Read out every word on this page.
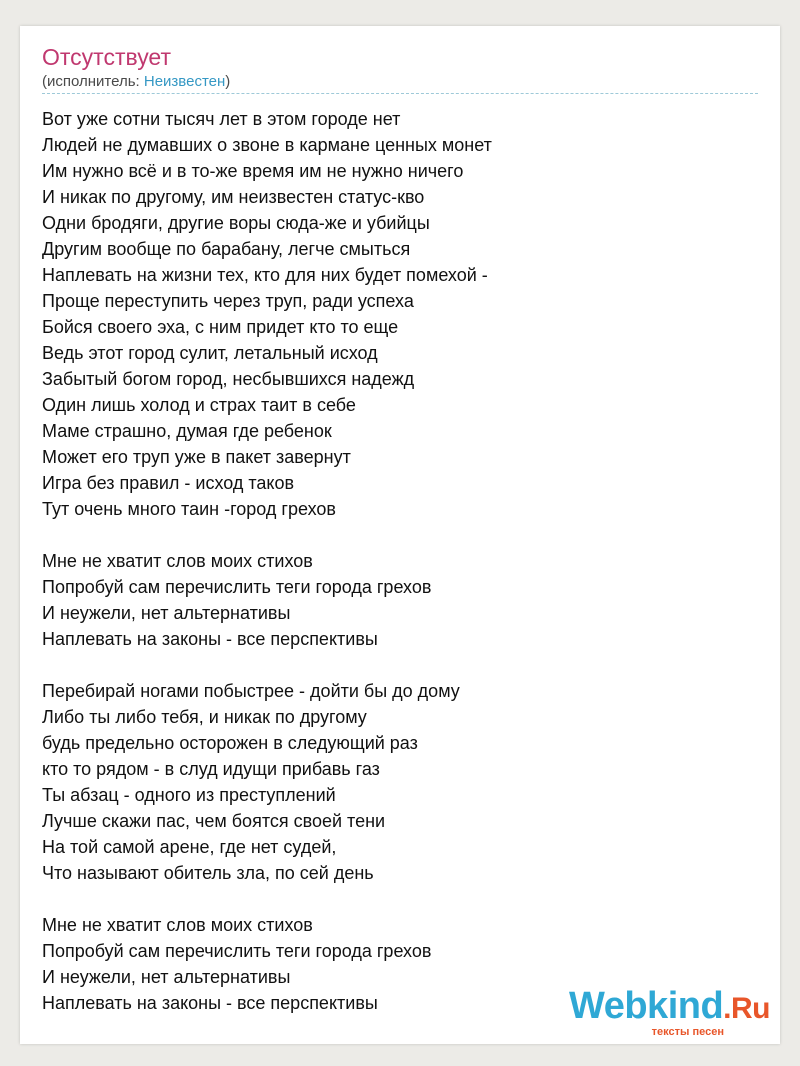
Отсутствует
(исполнитель: Неизвестен)
Вот уже сотни тысяч лет в этом городе нет
Людей не думавших о звоне в кармане ценных монет
Им нужно всё и в то-же время им не нужно ничего
И никак по другому, им неизвестен статус-кво
Одни бродяги, другие воры сюда-же и убийцы
Другим вообще по барабану, легче смыться
Наплевать на жизни тех, кто для них будет помехой -
Проще переступить через труп, ради успеха
Бойся своего эха, с ним придет кто то еще
Ведь этот город сулит, летальный исход
Забытый богом город, несбывшихся надежд
Один лишь холод и страх таит в себе
Маме страшно, думая где ребенок
Может его труп уже в пакет завернут
Игра без правил - исход таков
Тут очень много таин -город грехов
Мне не хватит слов моих стихов
Попробуй сам перечислить теги города грехов
И неужели, нет альтернативы
Наплевать на законы - все перспективы
Перебирай ногами побыстрее - дойти бы до дому
Либо ты либо тебя, и никак по другому
будь предельно осторожен в следующий раз
кто то рядом - в слуд идущи прибавь газ
Ты абзац - одного из преступлений
Лучше скажи пас, чем боятся своей тени
На той самой арене, где нет судей,
Что называют обитель зла, по сей день
Мне не хватит слов моих стихов
Попробуй сам перечислить теги города грехов
И неужели, нет альтернативы
Наплевать на законы - все перспективы	Webkind.Ru
тексты песен
